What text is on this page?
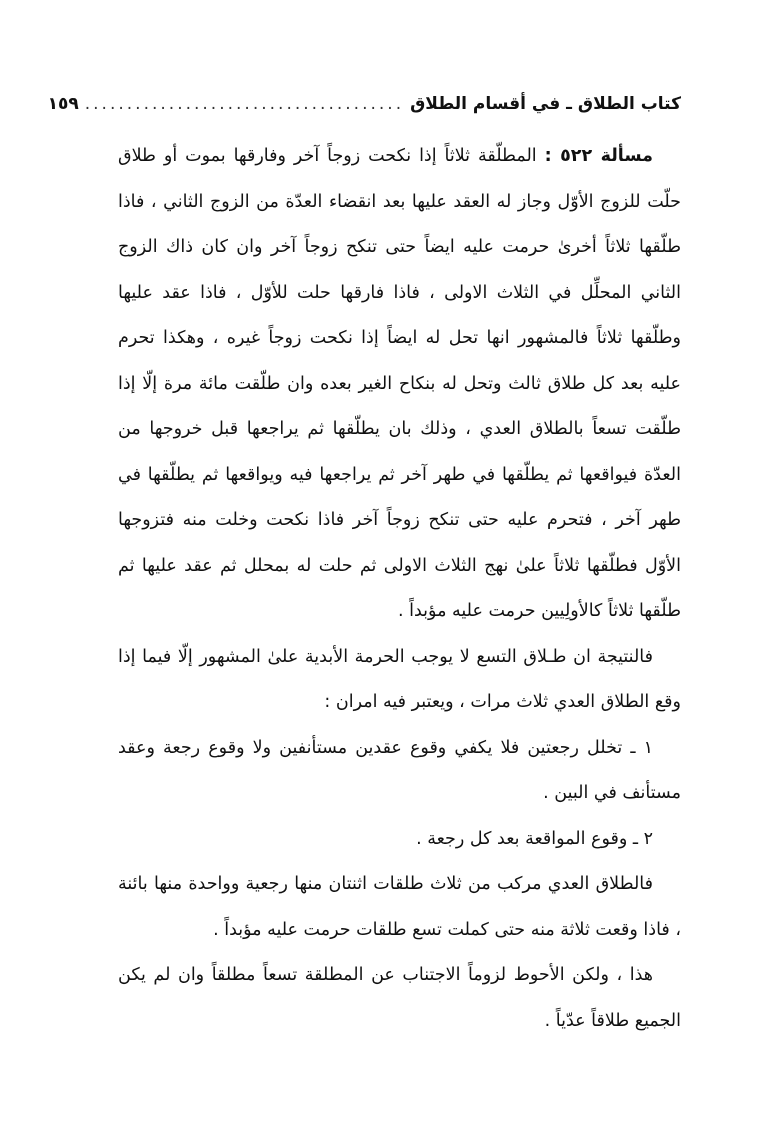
كتاب الطلاق ـ في أقسام الطلاق
......................................
١٥٩

مسألة ٥٢٢ : المطلّقة ثلاثاً إذا نكحت زوجاً آخر وفارقها بموت أو طلاق حلّت للزوج الأوّل وجاز له العقد عليها بعد انقضاء العدّة من الزوج الثاني ، فاذا طلّقها ثلاثاً أخرىٰ حرمت عليه ايضاً حتى تنكح زوجاً آخر وان كان ذاك الزوج الثاني المحلِّل في الثلاث الاولى ، فاذا فارقها حلت للأوّل ، فاذا عقد عليها وطلّقها ثلاثاً فالمشهور انها تحل له ايضاً إذا نكحت زوجاً غيره ، وهكذا تحرم عليه بعد كل طلاق ثالث وتحل له بنكاح الغير بعده وان طلّقت مائة مرة إلّا إذا طلّقت تسعاً بالطلاق العدي ، وذلك بان يطلّقها ثم يراجعها قبل خروجها من العدّة فيواقعها ثم يطلّقها في طهر آخر ثم يراجعها فيه ويواقعها ثم يطلّقها في طهر آخر ، فتحرم عليه حتى تنكح زوجاً آخر فاذا نكحت وخلت منه فتزوجها الأوّل فطلّقها ثلاثاً علىٰ نهج الثلاث الاولى ثم حلت له بمحلل ثم عقد عليها ثم طلّقها ثلاثاً كالأولِيين حرمت عليه مؤبداً .

فالنتيجة ان طـلاق التسع لا يوجب الحرمة الأبدية علىٰ المشهور إلّا فيما إذا وقع الطلاق العدي ثلاث مرات ، ويعتبر فيه امران :

١ ـ تخلل رجعتين فلا يكفي وقوع عقدين مستأنفين ولا وقوع رجعة وعقد مستأنف في البين .

٢ ـ وقوع المواقعة بعد كل رجعة .

فالطلاق العدي مركب من ثلاث طلقات اثنتان منها رجعية وواحدة منها بائنة ، فاذا وقعت ثلاثة منه حتى كملت تسع طلقات حرمت عليه مؤبداً .

هذا ، ولكن الأحوط لزوماً الاجتناب عن المطلقة تسعاً مطلقاً وان لم يكن الجميع طلاقاً عدّياً .
